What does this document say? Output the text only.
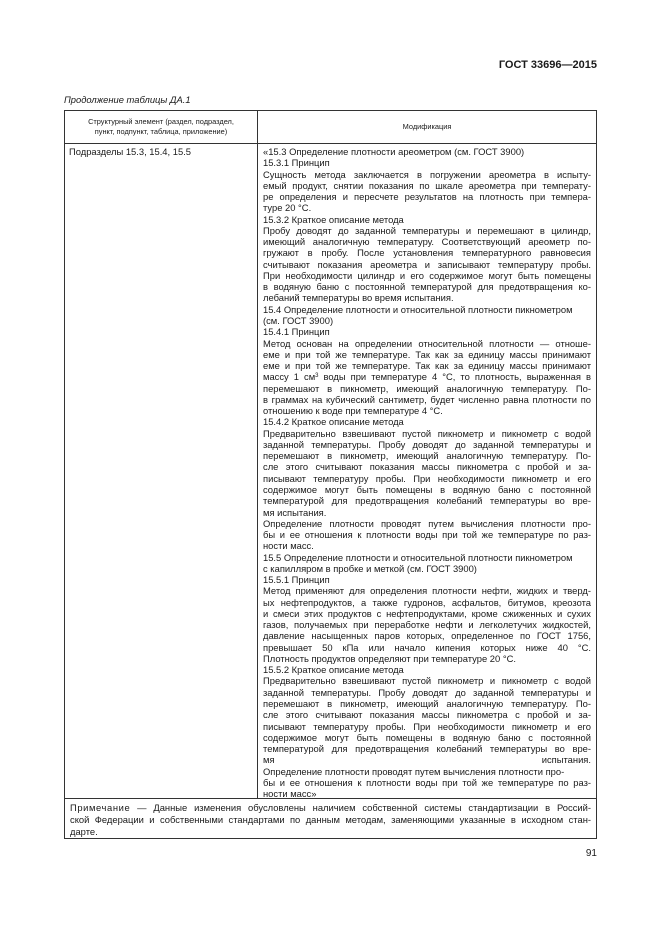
ГОСТ 33696—2015
Продолжение таблицы ДА.1
Структурный элемент (раздел, подраздел,
пункт, подпункт, таблица, приложение)
Модификация
Подразделы 15.3, 15.4, 15.5	«15.3 Определение плотности ареометром (см. ГОСТ 3900)
15.3.1 Принцип
Сущность метода заключается в погружении ареометра в испыту-
емый продукт, снятии показания по шкале ареометра при температу-
ре определения и пересчете результатов на плотность при темпера-
туре 20 °С.
15.3.2 Краткое описание метода
Пробу доводят до заданной температуры и перемешают в цилиндр,
имеющий аналогичную температуру. Соответствующий ареометр по-
гружают в пробу. После установления температурного равновесия
считывают показания ареометра и записывают температуру пробы.
При необходимости цилиндр и его содержимое могут быть помещены
в водяную баню с постоянной температурой для предотвращения ко-
лебаний температуры во время испытания.
15.4 Определение плотности и относительной плотности пикнометром
(см. ГОСТ 3900)
15.4.1 Принцип
Метод основан на определении относительной плотности — отноше-
еме и при той же температуре. Так как за единицу массы принимают
еме и при той же температуре. Так как за единицу массы принимают
массу 1 $см^3$ воды при температуре 4 °С, то плотность, выраженная в
перемешают в пикнометр, имеющий аналогичную температуру. По-
в граммах на кубический сантиметр, будет численно равна плотности по
отношению к воде при температуре 4 °С.
15.4.2 Краткое описание метода
Предварительно взвешивают пустой пикнометр и пикнометр с водой
заданной температуры. Пробу доводят до заданной температуры и
перемешают в пикнометр, имеющий аналогичную температуру. По-
сле этого считывают показания массы пикнометра с пробой и за-
писывают температуру пробы. При необходимости пикнометр и его
содержимое могут быть помещены в водяную баню с постоянной
температурой для предотвращения колебаний температуры во вре-
мя испытания.
Определение плотности проводят путем вычисления плотности про-
бы и ее отношения к плотности воды при той же температуре по раз-
ности масс.
15.5 Определение плотности и относительной плотности пикнометром
с капилляром в пробке и меткой (см. ГОСТ 3900)
15.5.1 Принцип
Метод применяют для определения плотности нефти, жидких и тверд-
ых нефтепродуктов, а также гудронов, асфальтов, битумов, креозота
и смеси этих продуктов с нефтепродуктами, кроме сжиженных и сухих
газов, получаемых при переработке нефти и легколетучих жидкостей,
давление насыщенных паров которых, определенное по ГОСТ 1756,
превышает 50 кПа или начало кипения которых ниже 40 °С.
Плотность продуктов определяют при температуре 20 °С.
15.5.2 Краткое описание метода
Предварительно взвешивают пустой пикнометр и пикнометр с водой
заданной температуры. Пробу доводят до заданной температуры и
перемешают в пикнометр, имеющий аналогичную температуру. По-
сле этого считывают показания массы пикнометра с пробой и за-
писывают температуру пробы. При необходимости пикнометр и его
содержимое могут быть помещены в водяную баню с постоянной
температурой для предотвращения колебаний температуры во вре-
мя испытания.
Определение плотности проводят путем вычисления плотности про-
бы и ее отношения к плотности воды при той же температуре по раз-
ности масс»
Примечание — Данные изменения обусловлены наличием собственной системы стандартизации в Россий-
ской Федерации и собственными стандартами по данным методам, заменяющими указанные в исходном стан-
дарте.
91
